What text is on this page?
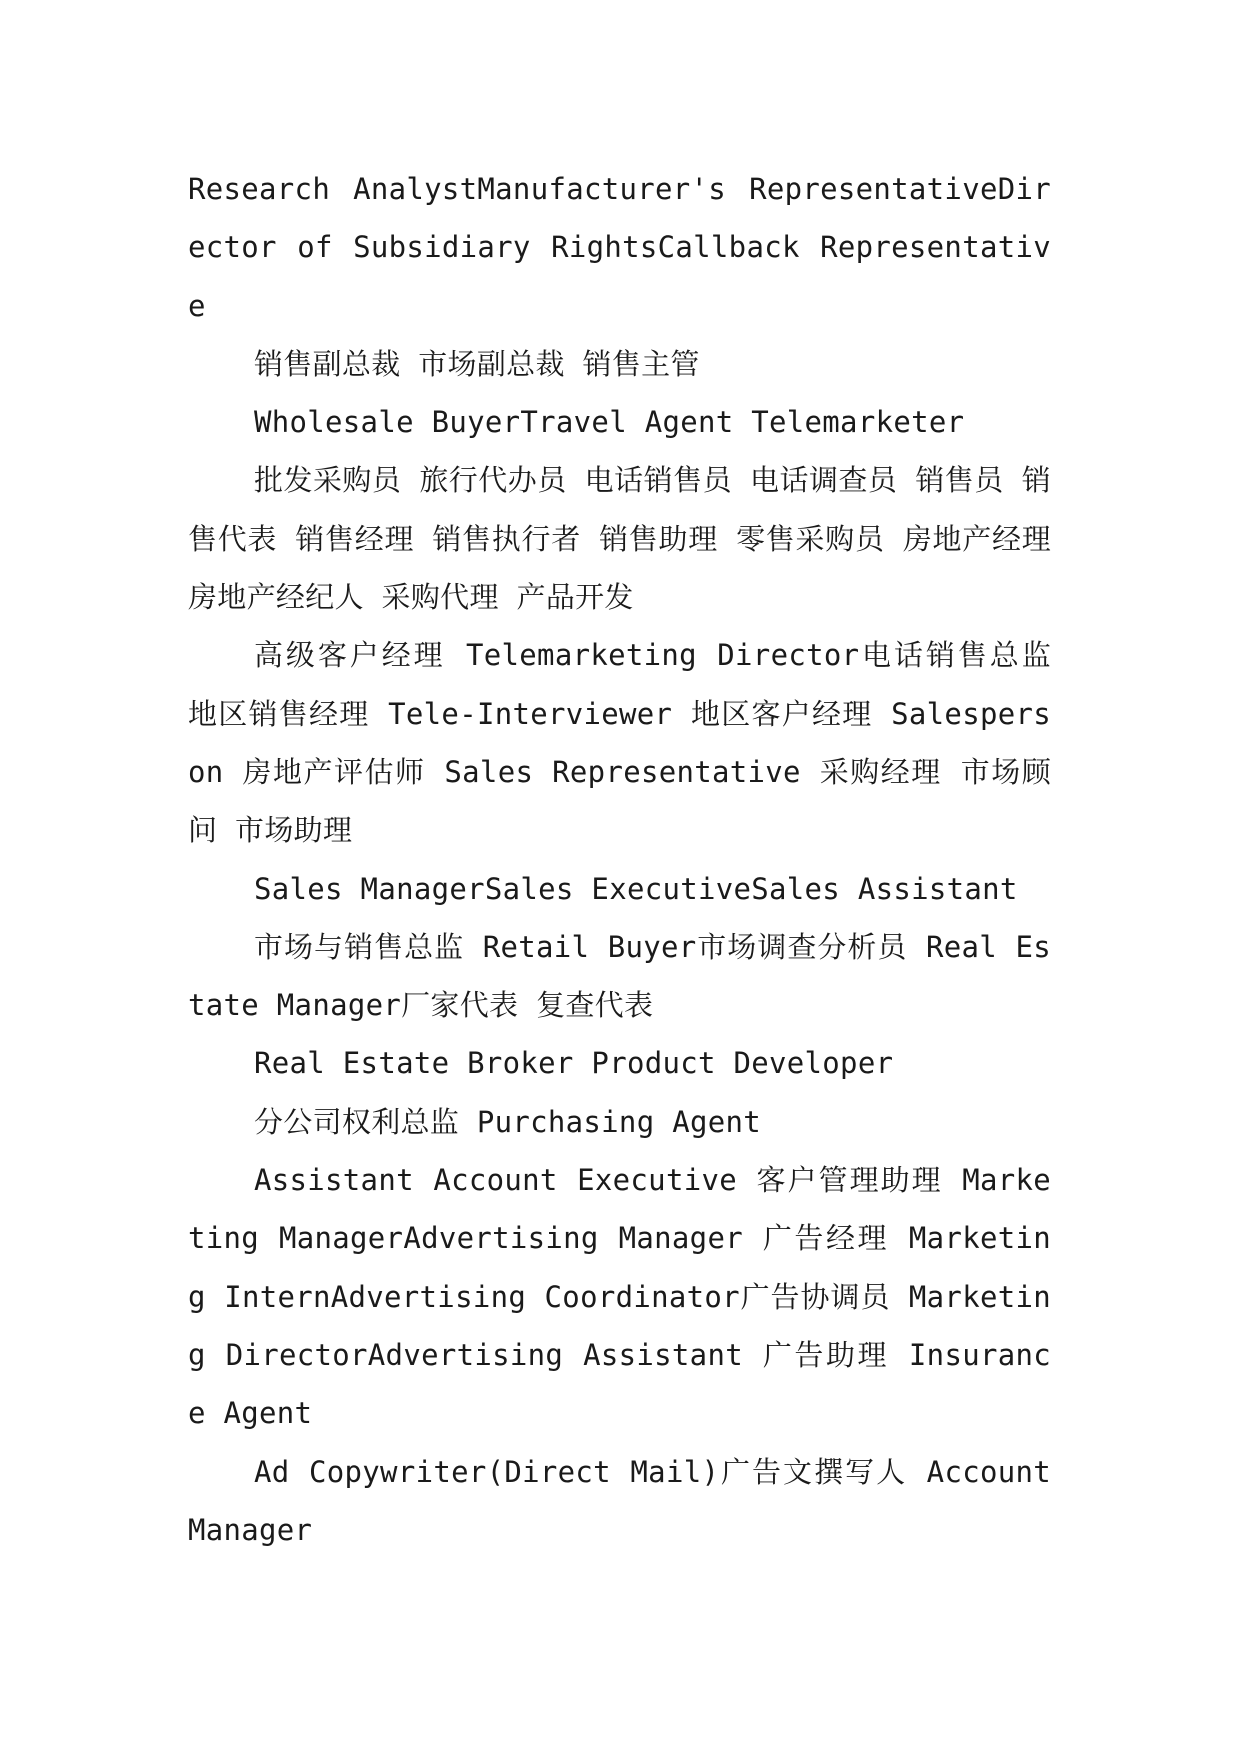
Research AnalystManufacturer's RepresentativeDirector of Subsidiary RightsCallback Representative

销售副总裁 市场副总裁 销售主管

Wholesale BuyerTravel Agent Telemarketer

批发采购员 旅行代办员 电话销售员 电话调查员 销售员 销售代表 销售经理 销售执行者 销售助理 零售采购员 房地产经理 房地产经纪人 采购代理 产品开发

高级客户经理 Telemarketing Director电话销售总监 地区销售经理 Tele-Interviewer 地区客户经理 Salesperson 房地产评估师 Sales Representative 采购经理 市场顾问 市场助理

Sales ManagerSales ExecutiveSales Assistant

市场与销售总监 Retail Buyer市场调查分析员 Real Estate Manager厂家代表 复查代表

Real Estate Broker Product Developer

分公司权利总监 Purchasing Agent

Assistant Account Executive 客户管理助理 Marketing ManagerAdvertising Manager 广告经理 Marketing InternAdvertising Coordinator广告协调员 Marketing DirectorAdvertising Assistant 广告助理 Insurance Agent

Ad Copywriter(Direct Mail)广告文撰写人 Account Manager
